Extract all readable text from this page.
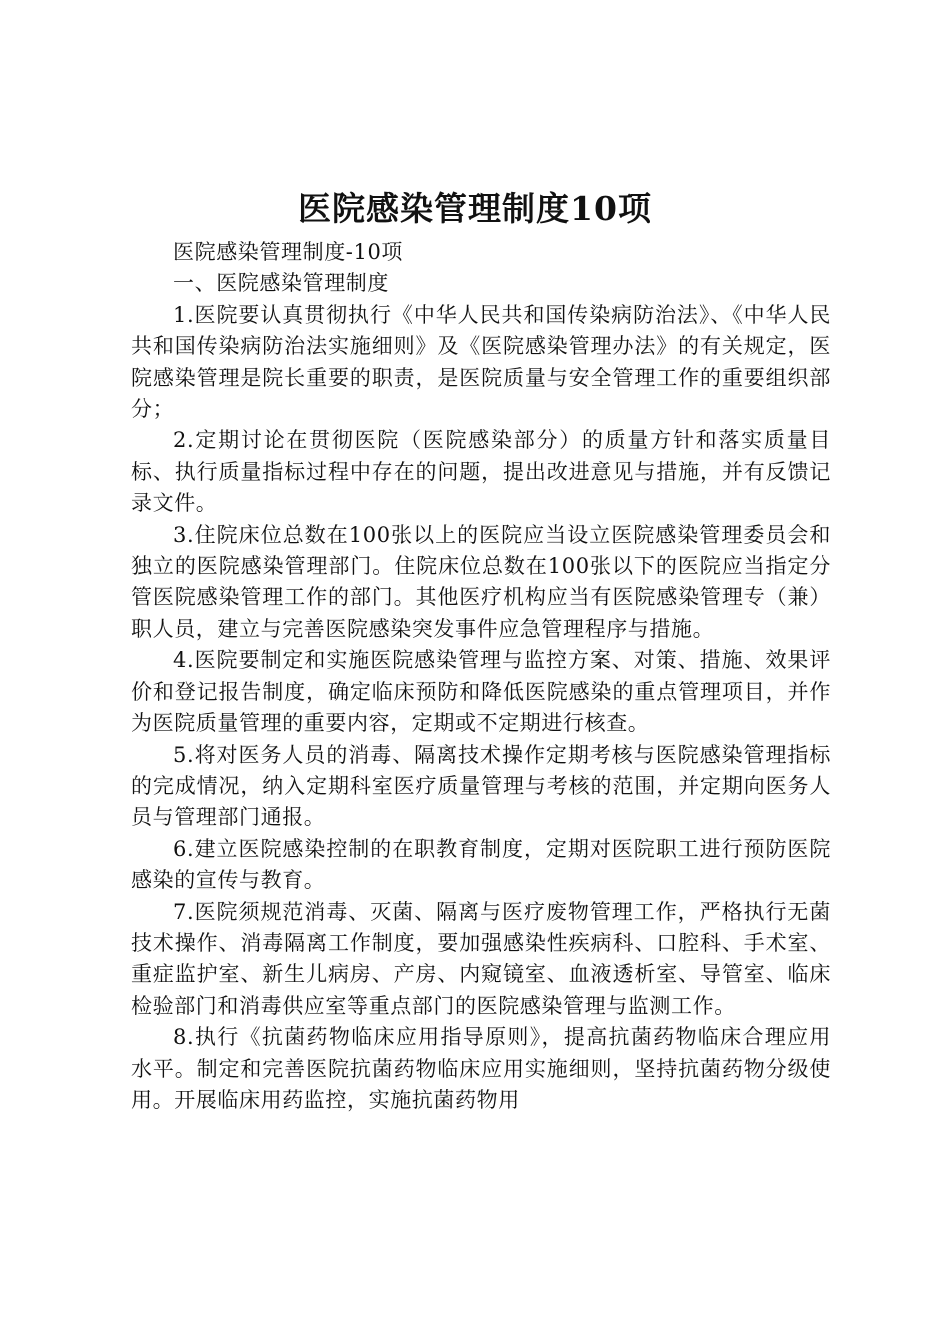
医院感染管理制度10项

医院感染管理制度-10项

一、医院感染管理制度

1.医院要认真贯彻执行《中华人民共和国传染病防治法》、《中华人民共和国传染病防治法实施细则》及《医院感染管理办法》的有关规定，医院感染管理是院长重要的职责，是医院质量与安全管理工作的重要组织部分；

2.定期讨论在贯彻医院（医院感染部分）的质量方针和落实质量目标、执行质量指标过程中存在的问题，提出改进意见与措施，并有反馈记录文件。

3.住院床位总数在100张以上的医院应当设立医院感染管理委员会和独立的医院感染管理部门。住院床位总数在100张以下的医院应当指定分管医院感染管理工作的部门。其他医疗机构应当有医院感染管理专（兼）职人员，建立与完善医院感染突发事件应急管理程序与措施。

4.医院要制定和实施医院感染管理与监控方案、对策、措施、效果评价和登记报告制度，确定临床预防和降低医院感染的重点管理项目，并作为医院质量管理的重要内容，定期或不定期进行核查。

5.将对医务人员的消毒、隔离技术操作定期考核与医院感染管理指标的完成情况，纳入定期科室医疗质量管理与考核的范围，并定期向医务人员与管理部门通报。

6.建立医院感染控制的在职教育制度，定期对医院职工进行预防医院感染的宣传与教育。

7.医院须规范消毒、灭菌、隔离与医疗废物管理工作，严格执行无菌技术操作、消毒隔离工作制度，要加强感染性疾病科、口腔科、手术室、重症监护室、新生儿病房、产房、内窥镜室、血液透析室、导管室、临床检验部门和消毒供应室等重点部门的医院感染管理与监测工作。

8.执行《抗菌药物临床应用指导原则》，提高抗菌药物临床合理应用水平。制定和完善医院抗菌药物临床应用实施细则，坚持抗菌药物分级使用。开展临床用药监控，实施抗菌药物用
